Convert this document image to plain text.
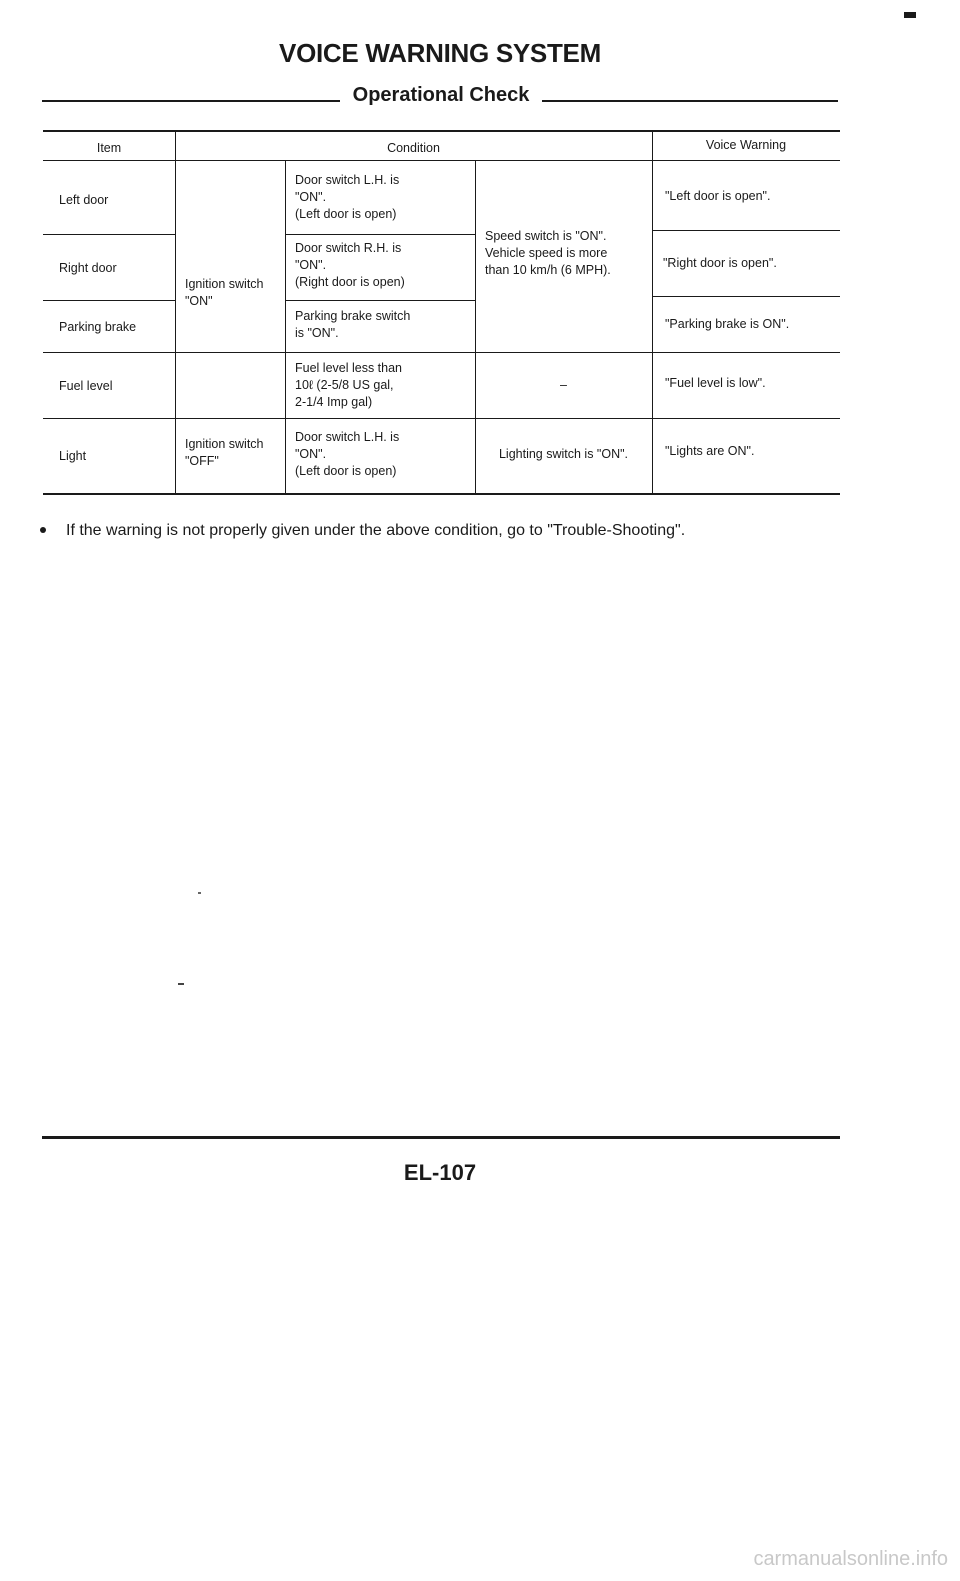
VOICE WARNING SYSTEM
Operational Check
Item	Condition	Voice Warning
Left door
Right door
Parking brake
Fuel level
Light
Ignition switch
"ON"
Ignition switch
"OFF"
Door switch L.H. is
"ON".
(Left door is open)
Door switch R.H. is
"ON".
(Right door is open)
Parking brake switch
is "ON".
Fuel level less than
10ℓ (2-5/8 US gal,
2-1/4 Imp gal)
Door switch L.H. is
"ON".
(Left door is open)
Speed switch is "ON".
Vehicle speed is more
than 10 km/h (6 MPH).
–
Lighting switch is "ON".
"Left door is open".
"Right door is open".
"Parking brake is ON".
"Fuel level is low".
"Lights are ON".
If the warning is not properly given under the above condition, go to "Trouble-Shooting".
EL-107
carmanualsonline.info
